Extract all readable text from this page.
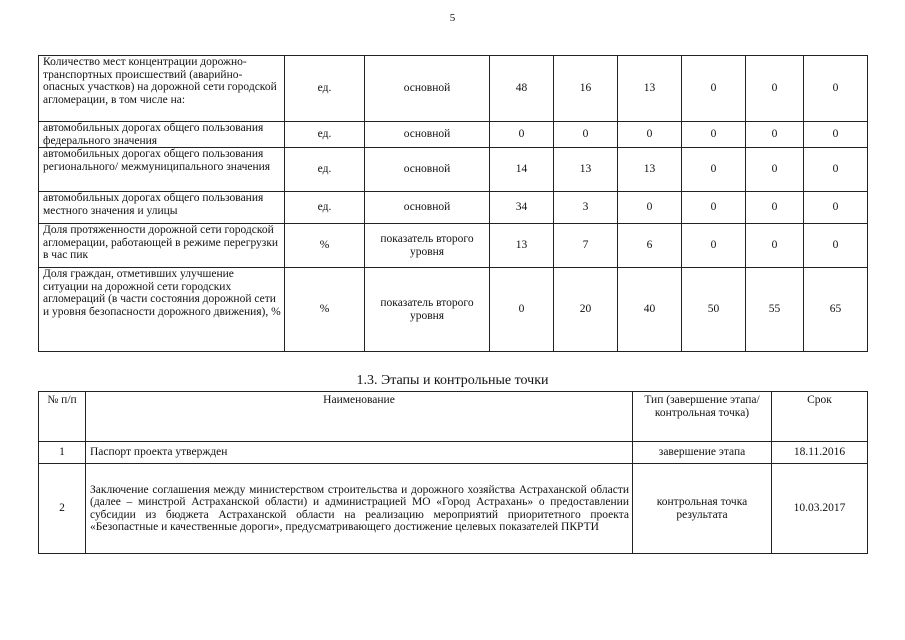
5
Количество мест концентрации дорожно-транспортных происшествий (аварийно-опасных участков) на дорожной сети городской агломерации, в том числе на:	ед.	основной	48	16	13	0	0	0
автомобильных дорогах общего пользования федерального значения	ед.	основной	0	0	0	0	0	0
автомобильных дорогах общего пользования регионального/ межмуниципального значения	ед.	основной	14	13	13	0	0	0
автомобильных дорогах общего пользования местного значения и улицы	ед.	основной	34	3	0	0	0	0
Доля протяженности дорожной сети городской агломерации, работающей в режиме перегрузки в час пик	%	показатель второго уровня	13	7	6	0	0	0
Доля граждан, отметивших улучшение ситуации на дорожной сети городских агломераций (в части состояния дорожной сети и уровня безопасности дорожного движения), %	%	показатель второго уровня	0	20	40	50	55	65
1.3. Этапы и контрольные точки
№ п/п	Наименование	Тип (завершение этапа/ контрольная точка)	Срок
1	Паспорт проекта утвержден	завершение этапа	18.11.2016
2	Заключение соглашения между министерством строительства и дорожного хозяйства Астраханской области (далее – минстрой Астраханской области) и администрацией МО «Город Астрахань» о предоставлении субсидии из бюджета Астраханской области на реализацию мероприятий приоритетного проекта «Безопастные и качественные дороги», предусматривающего достижение целевых показателей ПКРТИ	контрольная точка результата	10.03.2017
